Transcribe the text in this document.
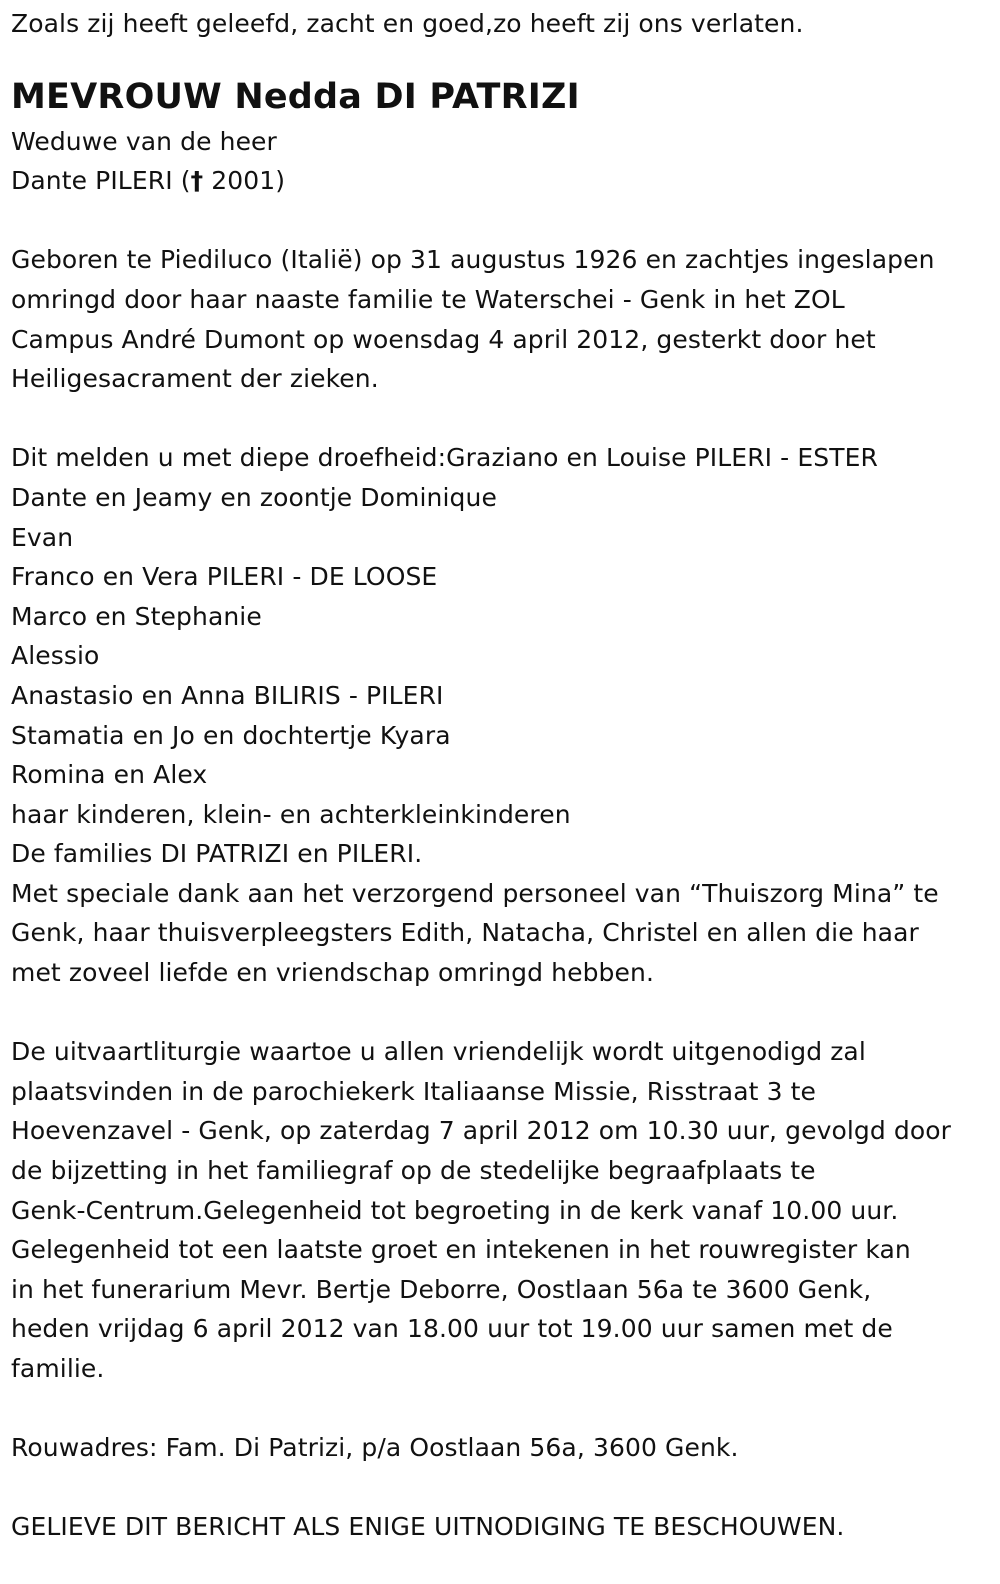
Zoals zij heeft geleefd, zacht en goed,zo heeft zij ons verlaten.

MEVROUW Nedda DI PATRIZI

Weduwe van de heer

Dante PILERI († 2001)

Geboren te Piediluco (Italië) op 31 augustus 1926 en zachtjes ingeslapen

omringd door haar naaste familie te Waterschei - Genk in het ZOL

Campus André Dumont op woensdag 4 april 2012, gesterkt door het

Heiligesacrament der zieken.

Dit melden u met diepe droefheid:Graziano en Louise PILERI - ESTER

Dante en Jeamy en zoontje Dominique

Evan

Franco en Vera PILERI - DE LOOSE

Marco en Stephanie

Alessio

Anastasio en Anna BILIRIS - PILERI

Stamatia en Jo en dochtertje Kyara

Romina en Alex

haar kinderen, klein- en achterkleinkinderen

De families DI PATRIZI en PILERI.

Met speciale dank aan het verzorgend personeel van “Thuiszorg Mina” te

Genk, haar thuisverpleegsters Edith, Natacha, Christel en allen die haar

met zoveel liefde en vriendschap omringd hebben.

De uitvaartliturgie waartoe u allen vriendelijk wordt uitgenodigd zal

plaatsvinden in de parochiekerk Italiaanse Missie, Risstraat 3 te

Hoevenzavel - Genk, op zaterdag 7 april 2012 om 10.30 uur, gevolgd door

de bijzetting in het familiegraf op de stedelijke begraafplaats te

Genk-Centrum.Gelegenheid tot begroeting in de kerk vanaf 10.00 uur.

Gelegenheid tot een laatste groet en intekenen in het rouwregister kan

in het funerarium Mevr. Bertje Deborre, Oostlaan 56a te 3600 Genk,

heden vrijdag 6 april 2012 van 18.00 uur tot 19.00 uur samen met de

familie.

Rouwadres: Fam. Di Patrizi, p/a Oostlaan 56a, 3600 Genk.

GELIEVE DIT BERICHT ALS ENIGE UITNODIGING TE BESCHOUWEN.
